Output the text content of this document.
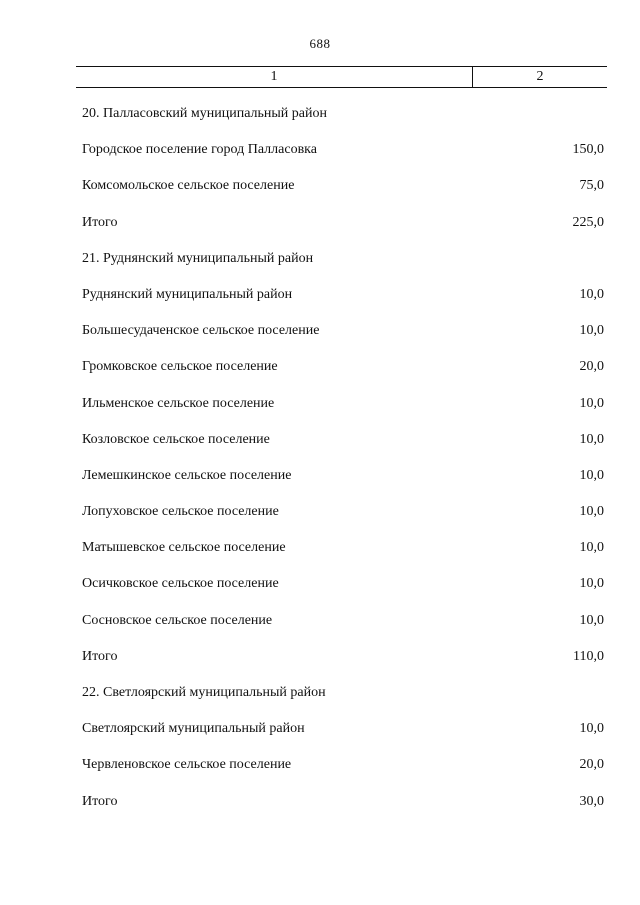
688
1	2
20. Палласовский муниципальный район
Городское поселение город Палласовка	150,0
Комсомольское сельское поселение	75,0
Итого	225,0
21. Руднянский муниципальный район
Руднянский муниципальный район	10,0
Большесудаченское сельское поселение	10,0
Громковское сельское поселение	20,0
Ильменское сельское поселение	10,0
Козловское сельское поселение	10,0
Лемешкинское сельское поселение	10,0
Лопуховское сельское поселение	10,0
Матышевское сельское поселение	10,0
Осичковское сельское поселение	10,0
Сосновское сельское поселение	10,0
Итого	110,0
22. Светлоярский муниципальный район
Светлоярский муниципальный район	10,0
Червленовское сельское поселение	20,0
Итого	30,0
